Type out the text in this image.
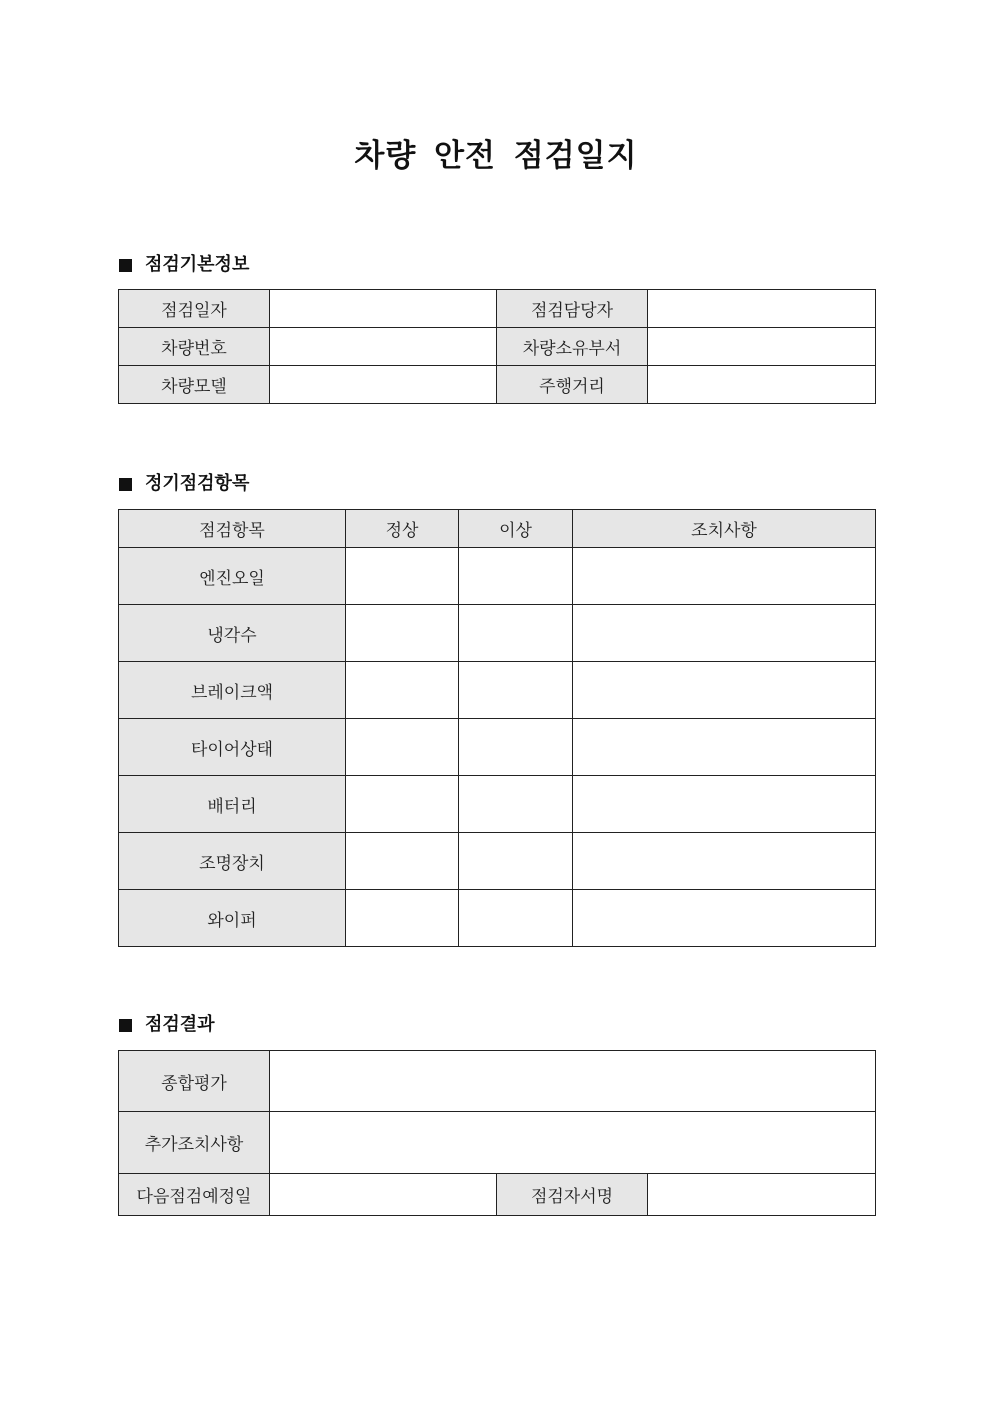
차량 안전 점검일지
점검기본정보
점검일자		점검담당자	
차량번호		차량소유부서	
차량모델		주행거리	
정기점검항목
점검항목	정상	이상	조치사항
엔진오일			
냉각수			
브레이크액			
타이어상태			
배터리			
조명장치			
와이퍼			
점검결과
종합평가			
추가조치사항			
다음점검예정일		점검자서명	
